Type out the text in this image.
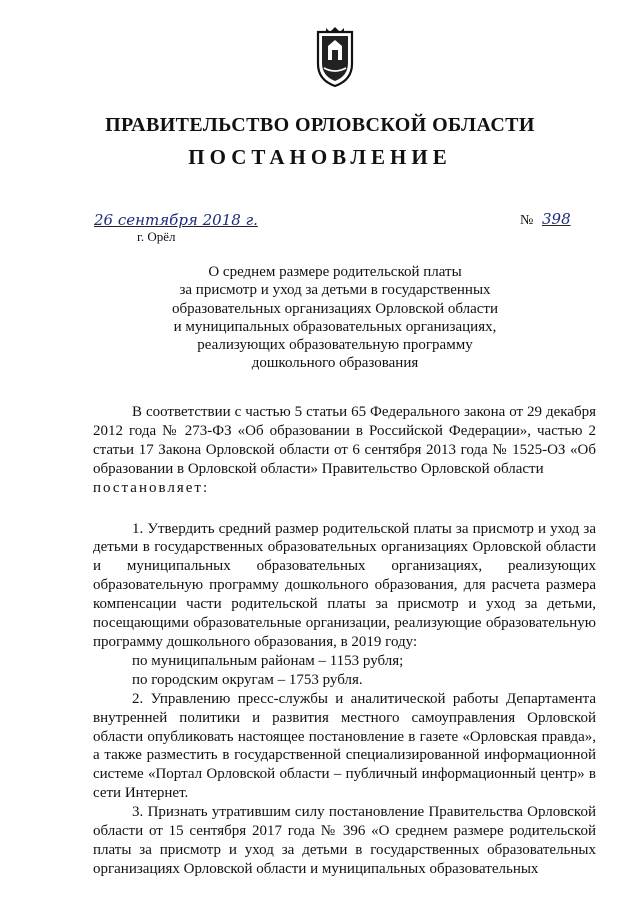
ПРАВИТЕЛЬСТВО ОРЛОВСКОЙ ОБЛАСТИ
ПОСТАНОВЛЕНИЕ
26 сентября 2018 г.
г. Орёл
№ 398
О среднем размере родительской платы
за присмотр и уход за детьми в государственных
образовательных организациях Орловской области
и муниципальных образовательных организациях,
реализующих образовательную программу
дошкольного образования

В соответствии с частью 5 статьи 65 Федерального закона от 29 декабря 2012 года № 273-ФЗ «Об образовании в Российской Федерации», частью 2 статьи 17 Закона Орловской области от 6 сентября 2013 года № 1525-ОЗ «Об образовании в Орловской области» Правительство Орловской области

постановляет:

1. Утвердить средний размер родительской платы за присмотр и уход за детьми в государственных образовательных организациях Орловской области и муниципальных образовательных организациях, реализующих образовательную программу дошкольного образования, для расчета размера компенсации части родительской платы за присмотр и уход за детьми, посещающими образовательные организации, реализующие образовательную программу дошкольного образования, в 2019 году:

по муниципальным районам – 1153 рубля;

по городским округам – 1753 рубля.

2. Управлению пресс-службы и аналитической работы Департамента внутренней политики и развития местного самоуправления Орловской области опубликовать настоящее постановление в газете «Орловская правда», а также разместить в государственной специализированной информационной системе «Портал Орловской области – публичный информационный центр» в сети Интернет.

3. Признать утратившим силу постановление Правительства Орловской области от 15 сентября 2017 года № 396 «О среднем размере родительской платы за присмотр и уход за детьми в государственных образовательных организациях Орловской области и муниципальных образовательных
